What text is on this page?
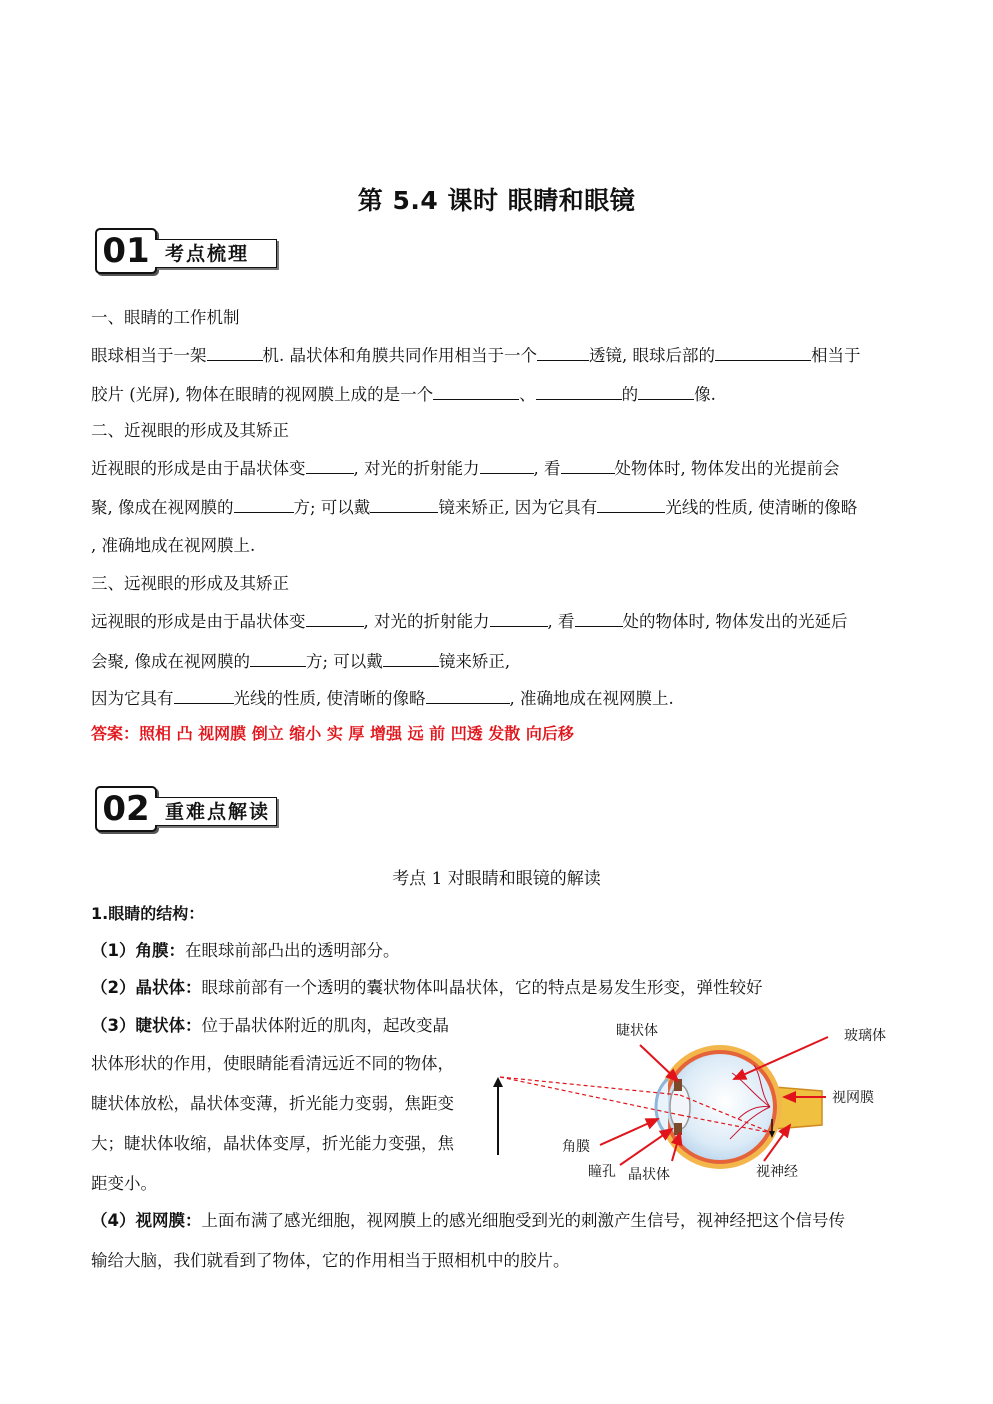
第 5.4 课时 眼睛和眼镜
01 考点梳理
一、眼睛的工作机制
眼球相当于一架	机. 晶状体和角膜共同作用相当于一个	透镜, 眼球后部的	相当于
胶片 (光屏), 物体在眼睛的视网膜上成的是一个	、	的	像.
二、近视眼的形成及其矫正
近视眼的形成是由于晶状体变	, 对光的折射能力	, 看	处物体时, 物体发出的光提前会
聚, 像成在视网膜的	方; 可以戴	镜来矫正, 因为它具有	光线的性质, 使清晰的像略
, 准确地成在视网膜上.
三、远视眼的形成及其矫正
远视眼的形成是由于晶状体变	, 对光的折射能力	, 看	处的物体时, 物体发出的光延后
会聚, 像成在视网膜的	方; 可以戴	镜来矫正,
因为它具有	光线的性质, 使清晰的像略	, 准确地成在视网膜上.
答案：照相 凸 视网膜 倒立 缩小 实 厚 增强 远 前 凹透 发散 向后移
02 重难点解读
考点 1 对眼睛和眼镜的解读
1.眼睛的结构：
（1）角膜：在眼球前部凸出的透明部分。
（2）晶状体：眼球前部有一个透明的囊状物体叫晶状体，它的特点是易发生形变，弹性较好
（3）睫状体：位于晶状体附近的肌肉，起改变晶
状体形状的作用，使眼睛能看清远近不同的物体，
睫状体放松，晶状体变薄，折光能力变弱，焦距变
大；睫状体收缩，晶状体变厚，折光能力变强，焦
距变小。
睫状体	玻璃体
视网膜
角膜
瞳孔 晶状体	视神经
（4）视网膜：上面布满了感光细胞，视网膜上的感光细胞受到光的刺激产生信号，视神经把这个信号传
输给大脑，我们就看到了物体，它的作用相当于照相机中的胶片。
